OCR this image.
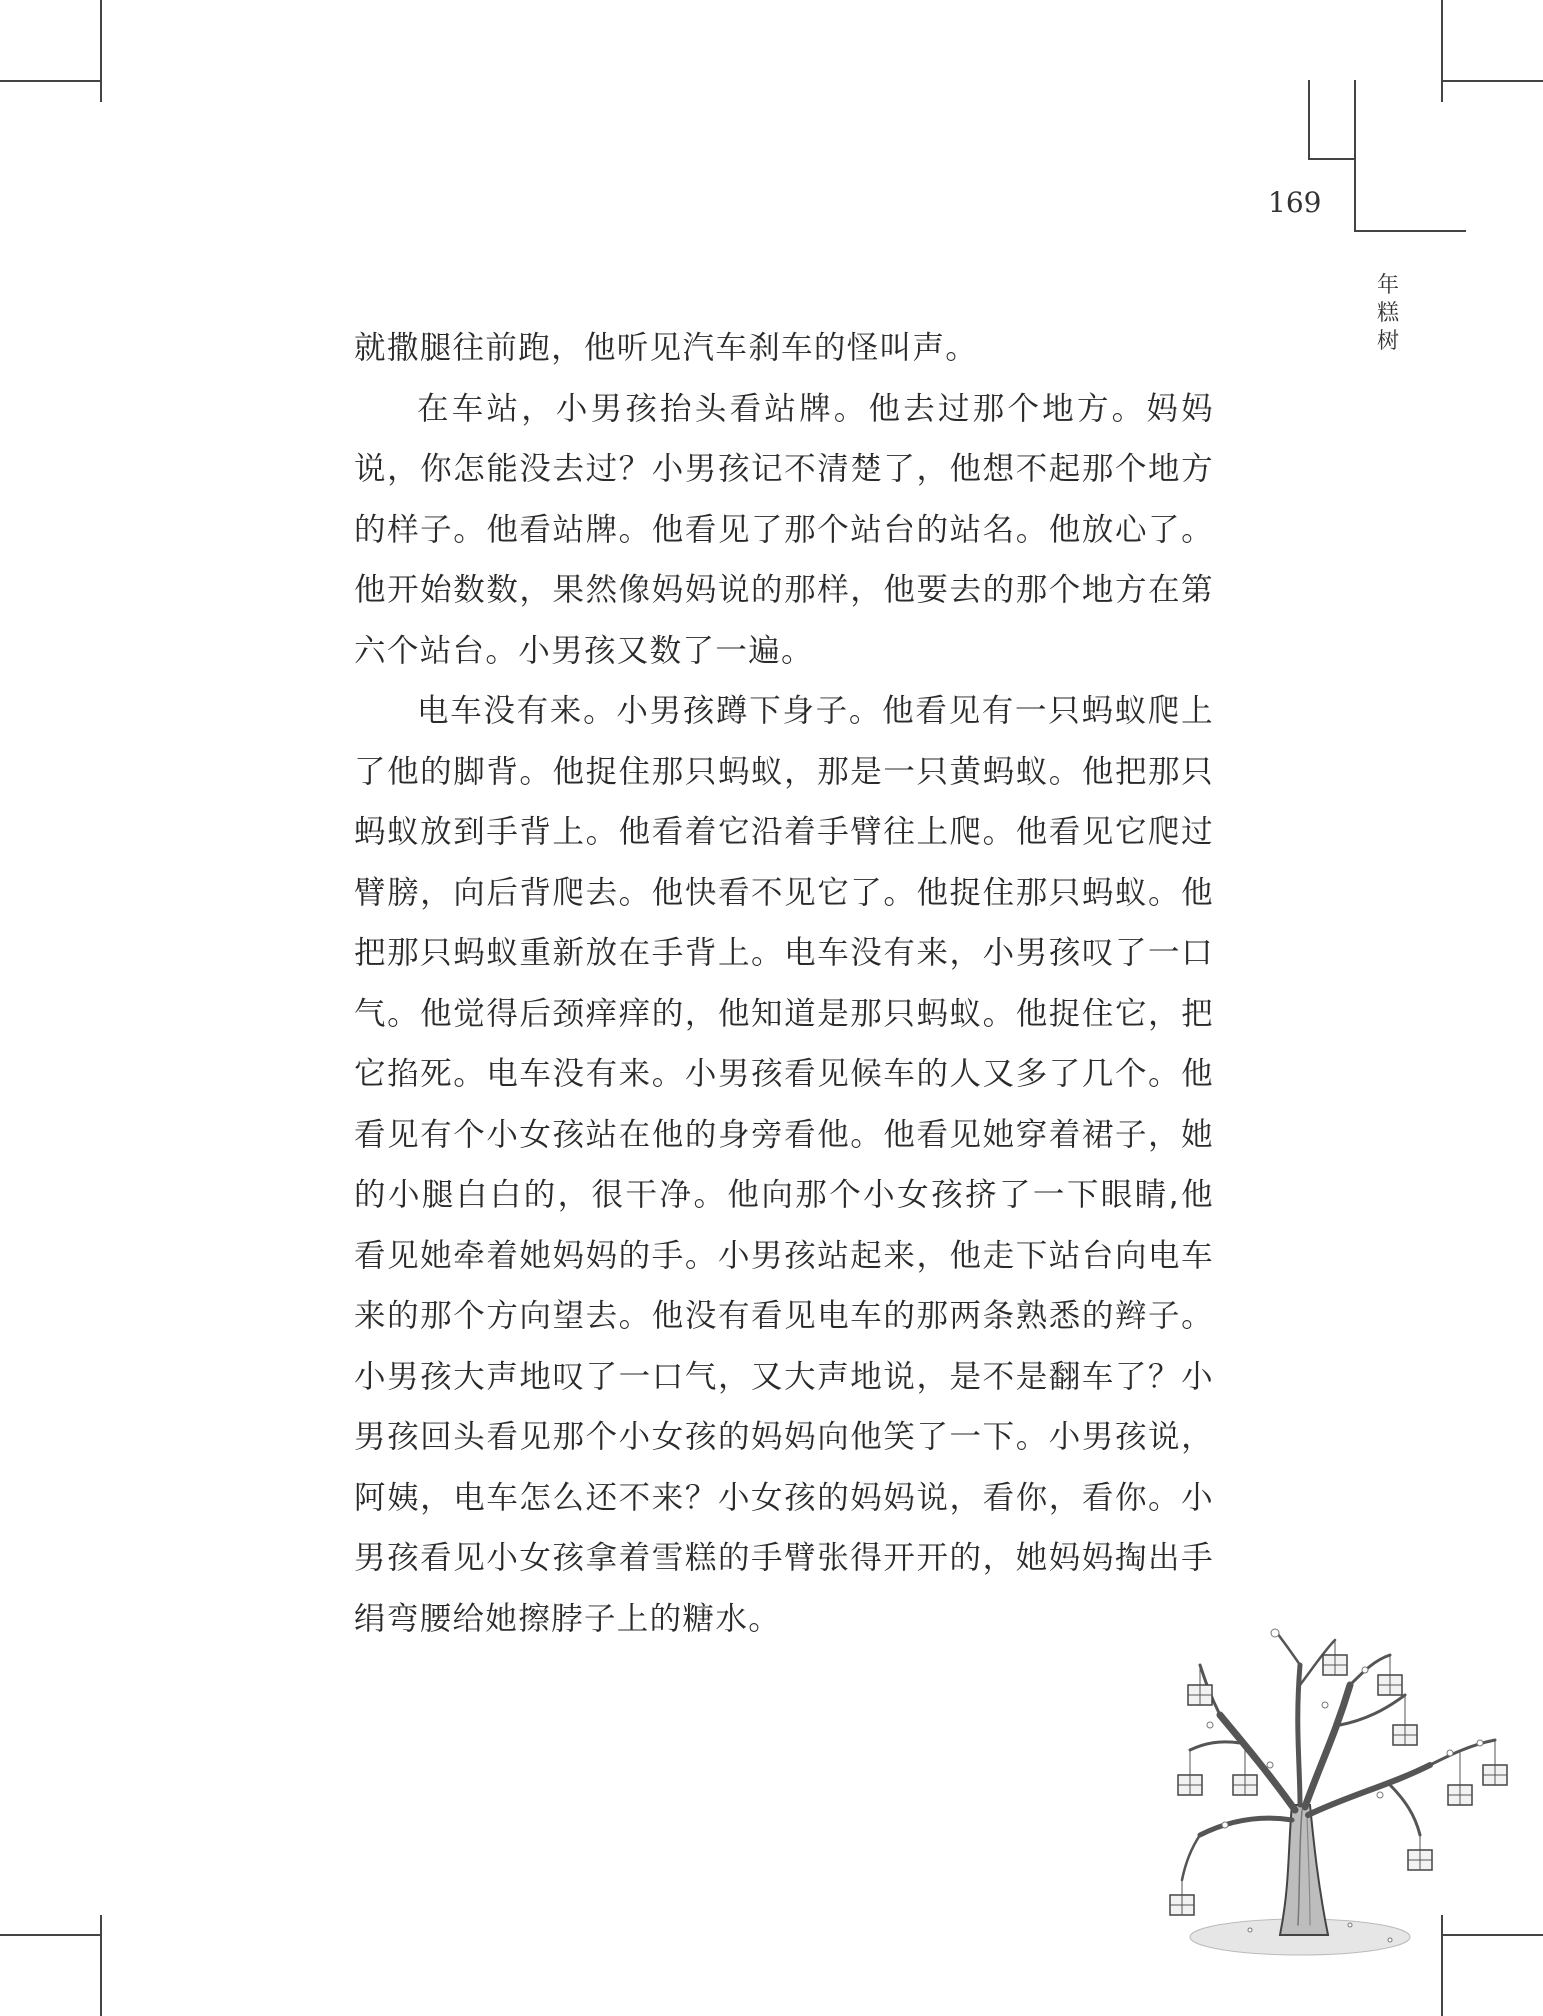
169
年
糕
树

就撒腿往前跑，他听见汽车刹车的怪叫声。

在车站，小男孩抬头看站牌。他去过那个地方。妈妈说，你怎能没去过？小男孩记不清楚了，他想不起那个地方的样子。他看站牌。他看见了那个站台的站名。他放心了。他开始数数，果然像妈妈说的那样，他要去的那个地方在第六个站台。小男孩又数了一遍。

电车没有来。小男孩蹲下身子。他看见有一只蚂蚁爬上了他的脚背。他捉住那只蚂蚁，那是一只黄蚂蚁。他把那只蚂蚁放到手背上。他看着它沿着手臂往上爬。他看见它爬过臂膀，向后背爬去。他快看不见它了。他捉住那只蚂蚁。他把那只蚂蚁重新放在手背上。电车没有来，小男孩叹了一口气。他觉得后颈痒痒的，他知道是那只蚂蚁。他捉住它，把它掐死。电车没有来。小男孩看见候车的人又多了几个。他看见有个小女孩站在他的身旁看他。他看见她穿着裙子，她的小腿白白的，很干净。他向那个小女孩挤了一下眼睛,他看见她牵着她妈妈的手。小男孩站起来，他走下站台向电车来的那个方向望去。他没有看见电车的那两条熟悉的辫子。小男孩大声地叹了一口气，又大声地说，是不是翻车了？小男孩回头看见那个小女孩的妈妈向他笑了一下。小男孩说，阿姨，电车怎么还不来？小女孩的妈妈说，看你，看你。小男孩看见小女孩拿着雪糕的手臂张得开开的，她妈妈掏出手绢弯腰给她擦脖子上的糖水。
